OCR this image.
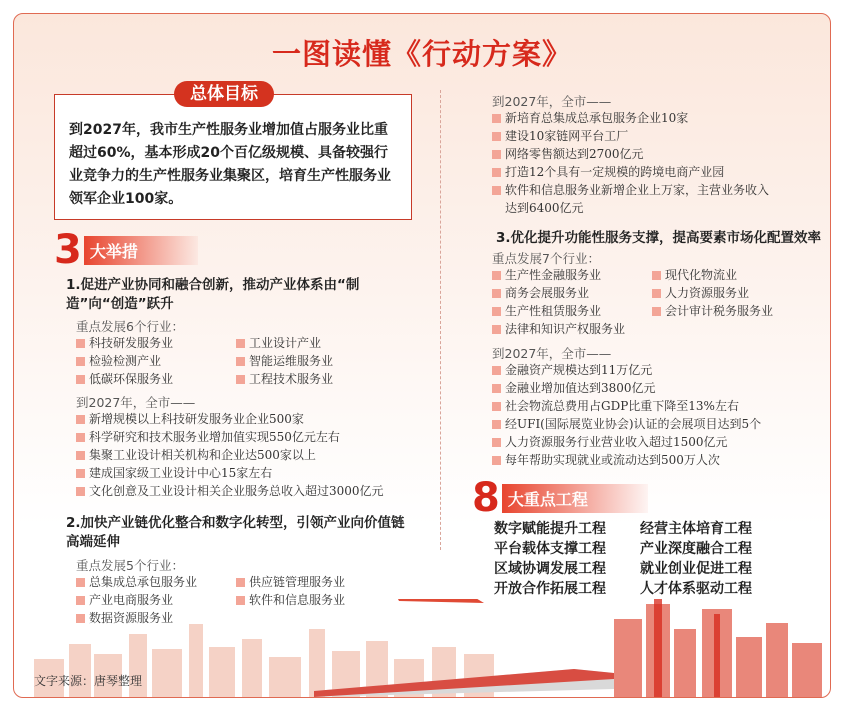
一图读懂《行动方案》
总体目标
到2027年，我市生产性服务业增加值占服务业比重超过60%，基本形成20个百亿级规模、具备较强行业竞争力的生产性服务业集聚区，培育生产性服务业领军企业100家。
3 大举措
1.促进产业协同和融合创新，推动产业体系由“制造”向“创造”跃升
重点发展6个行业：
科技研发服务业
检验检测产业
低碳环保服务业
工业设计产业
智能运维服务业
工程技术服务业
到2027年，全市——
新增规模以上科技研发服务业企业500家
科学研究和技术服务业增加值实现550亿元左右
集聚工业设计相关机构和企业达500家以上
建成国家级工业设计中心15家左右
文化创意及工业设计相关企业服务总收入超过3000亿元
2.加快产业链优化整合和数字化转型，引领产业向价值链高端延伸
重点发展5个行业：
总集成总承包服务业
产业电商服务业
数据资源服务业
供应链管理服务业
软件和信息服务业
到2027年，全市——
新培育总集成总承包服务企业10家
建设10家链网平台工厂
网络零售额达到2700亿元
打造12个具有一定规模的跨境电商产业园
软件和信息服务业新增企业上万家，主营业务收入
达到6400亿元
3.优化提升功能性服务支撑，提高要素市场化配置效率
重点发展7个行业：
生产性金融服务业
商务会展服务业
生产性租赁服务业
法律和知识产权服务业
现代化物流业
人力资源服务业
会计审计税务服务业
到2027年，全市——
金融资产规模达到11万亿元
金融业增加值达到3800亿元
社会物流总费用占GDP比重下降至13%左右
经UFI(国际展览业协会)认证的会展项目达到5个
人力资源服务行业营业收入超过1500亿元
每年帮助实现就业或流动达到500万人次
8 大重点工程
数字赋能提升工程
平台载体支撑工程
区域协调发展工程
开放合作拓展工程
经营主体培育工程
产业深度融合工程
就业创业促进工程
人才体系驱动工程
文字来源：唐琴整理
